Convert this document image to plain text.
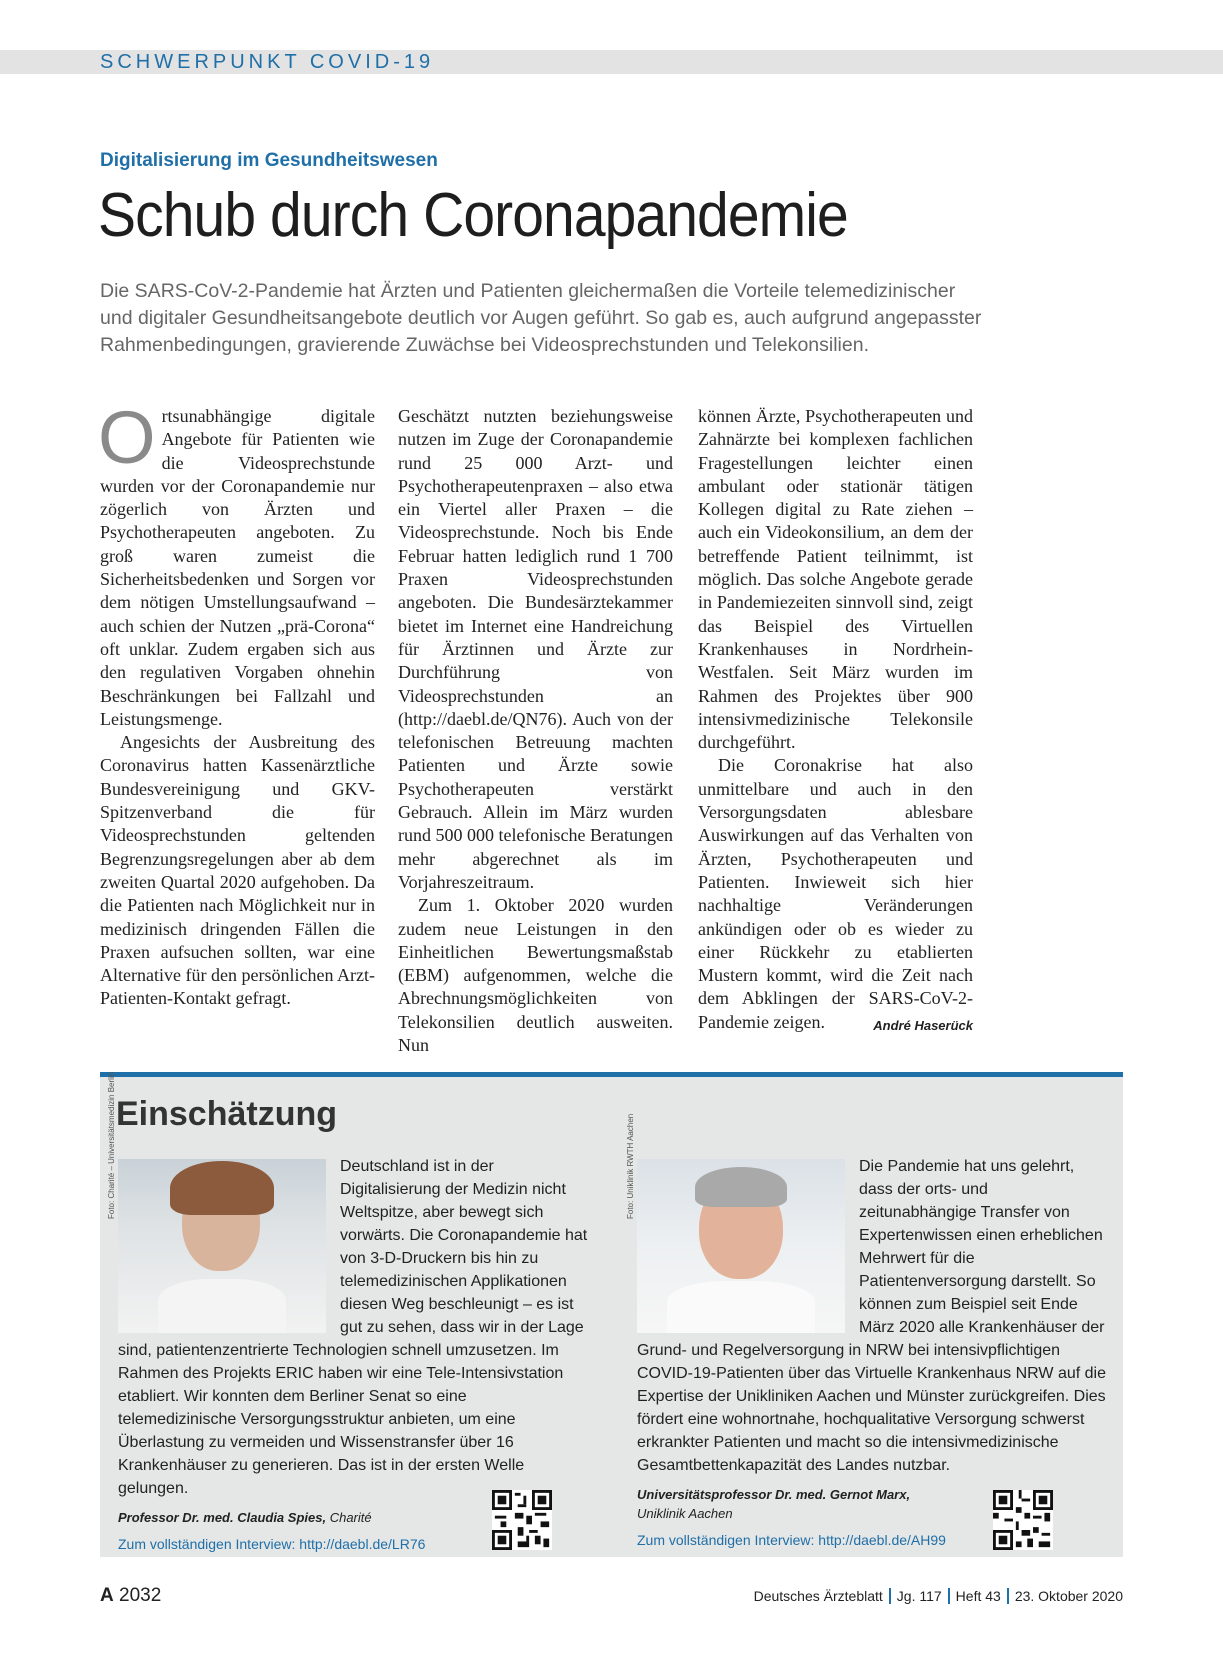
SCHWERPUNKT COVID-19
Digitalisierung im Gesundheitswesen
Schub durch Coronapandemie
Die SARS-CoV-2-Pandemie hat Ärzten und Patienten gleichermaßen die Vorteile telemedizinischer und digitaler Gesundheitsangebote deutlich vor Augen geführt. So gab es, auch aufgrund angepasster Rahmenbedingungen, gravierende Zuwächse bei Videosprechstunden und Telekonsilien.

Ortsunabhängige digitale Angebote für Patienten wie die Videosprechstunde wurden vor der Coronapandemie nur zögerlich von Ärzten und Psychotherapeuten angeboten. Zu groß waren zumeist die Sicherheitsbedenken und Sorgen vor dem nötigen Umstellungsaufwand – auch schien der Nutzen „prä-Corona“ oft unklar. Zudem ergaben sich aus den regulativen Vorgaben ohnehin Beschränkungen bei Fallzahl und Leistungsmenge.

Angesichts der Ausbreitung des Coronavirus hatten Kassenärztliche Bundesvereinigung und GKV-Spitzenverband die für Videosprechstunden geltenden Begrenzungsregelungen aber ab dem zweiten Quartal 2020 aufgehoben. Da die Patienten nach Möglichkeit nur in medizinisch dringenden Fällen die Praxen aufsuchen sollten, war eine Alternative für den persönlichen Arzt-Patienten-Kontakt gefragt.

Geschätzt nutzten beziehungsweise nutzen im Zuge der Coronapandemie rund 25 000 Arzt- und Psychotherapeutenpraxen – also etwa ein Viertel aller Praxen – die Videosprechstunde. Noch bis Ende Februar hatten lediglich rund 1 700 Praxen Videosprechstunden angeboten. Die Bundesärztekammer bietet im Internet eine Handreichung für Ärztinnen und Ärzte zur Durchführung von Videosprechstunden an (http://daebl.de/QN76). Auch von der telefonischen Betreuung machten Patienten und Ärzte sowie Psychotherapeuten verstärkt Gebrauch. Allein im März wurden rund 500 000 telefonische Beratungen mehr abgerechnet als im Vorjahreszeitraum.

Zum 1. Oktober 2020 wurden zudem neue Leistungen in den Einheitlichen Bewertungsmaßstab (EBM) aufgenommen, welche die Abrechnungsmöglichkeiten von Telekonsilien deutlich ausweiten. Nun

können Ärzte, Psychotherapeuten und Zahnärzte bei komplexen fachlichen Fragestellungen leichter einen ambulant oder stationär tätigen Kollegen digital zu Rate ziehen – auch ein Videokonsilium, an dem der betreffende Patient teilnimmt, ist möglich. Das solche Angebote gerade in Pandemiezeiten sinnvoll sind, zeigt das Beispiel des Virtuellen Krankenhauses in Nordrhein-Westfalen. Seit März wurden im Rahmen des Projektes über 900 intensivmedizinische Telekonsile durchgeführt.

Die Coronakrise hat also unmittelbare und auch in den Versorgungsdaten ablesbare Auswirkungen auf das Verhalten von Ärzten, Psychotherapeuten und Patienten. Inwieweit sich hier nachhaltige Veränderungen ankündigen oder ob es wieder zu einer Rückkehr zu etablierten Mustern kommt, wird die Zeit nach dem Abklingen der SARS-CoV-2-Pandemie zeigen.	André Haserück

Einschätzung
Foto: Charité – Universitätsmedizin Berlin	Deutschland ist in der Digitalisierung der Medizin nicht Weltspitze, aber bewegt sich vorwärts. Die Coronapandemie hat von 3-D-Druckern bis hin zu telemedizinischen Applikationen diesen Weg beschleunigt – es ist gut zu sehen, dass wir in der Lage sind, patientenzentrierte Technologien schnell umzusetzen. Im Rahmen des Projekts ERIC haben wir eine Tele-Intensivstation etabliert. Wir konnten dem Berliner Senat so eine telemedizinische Versorgungsstruktur anbieten, um eine Überlastung zu vermeiden und Wissenstransfer über 16 Krankenhäuser zu generieren. Das ist in der ersten Welle gelungen.
Professor Dr. med. Claudia Spies, Charité
Zum vollständigen Interview: http://daebl.de/LR76
Foto: Uniklinik RWTH Aachen	Die Pandemie hat uns gelehrt, dass der orts- und zeitunabhängige Transfer von Expertenwissen einen erheblichen Mehrwert für die Patientenversorgung darstellt. So können zum Beispiel seit Ende März 2020 alle Krankenhäuser der Grund- und Regelversorgung in NRW bei intensivpflichtigen COVID-19-Patienten über das Virtuelle Krankenhaus NRW auf die Expertise der Unikliniken Aachen und Münster zurückgreifen. Dies fördert eine wohnortnahe, hochqualitative Versorgung schwerst erkrankter Patienten und macht so die intensivmedizinische Gesamtbettenkapazität des Landes nutzbar.
Universitätsprofessor Dr. med. Gernot Marx,
Uniklinik Aachen
Zum vollständigen Interview: http://daebl.de/AH99
A 2032	Deutsches Ärzteblatt Jg. 117 Heft 43 23. Oktober 2020
